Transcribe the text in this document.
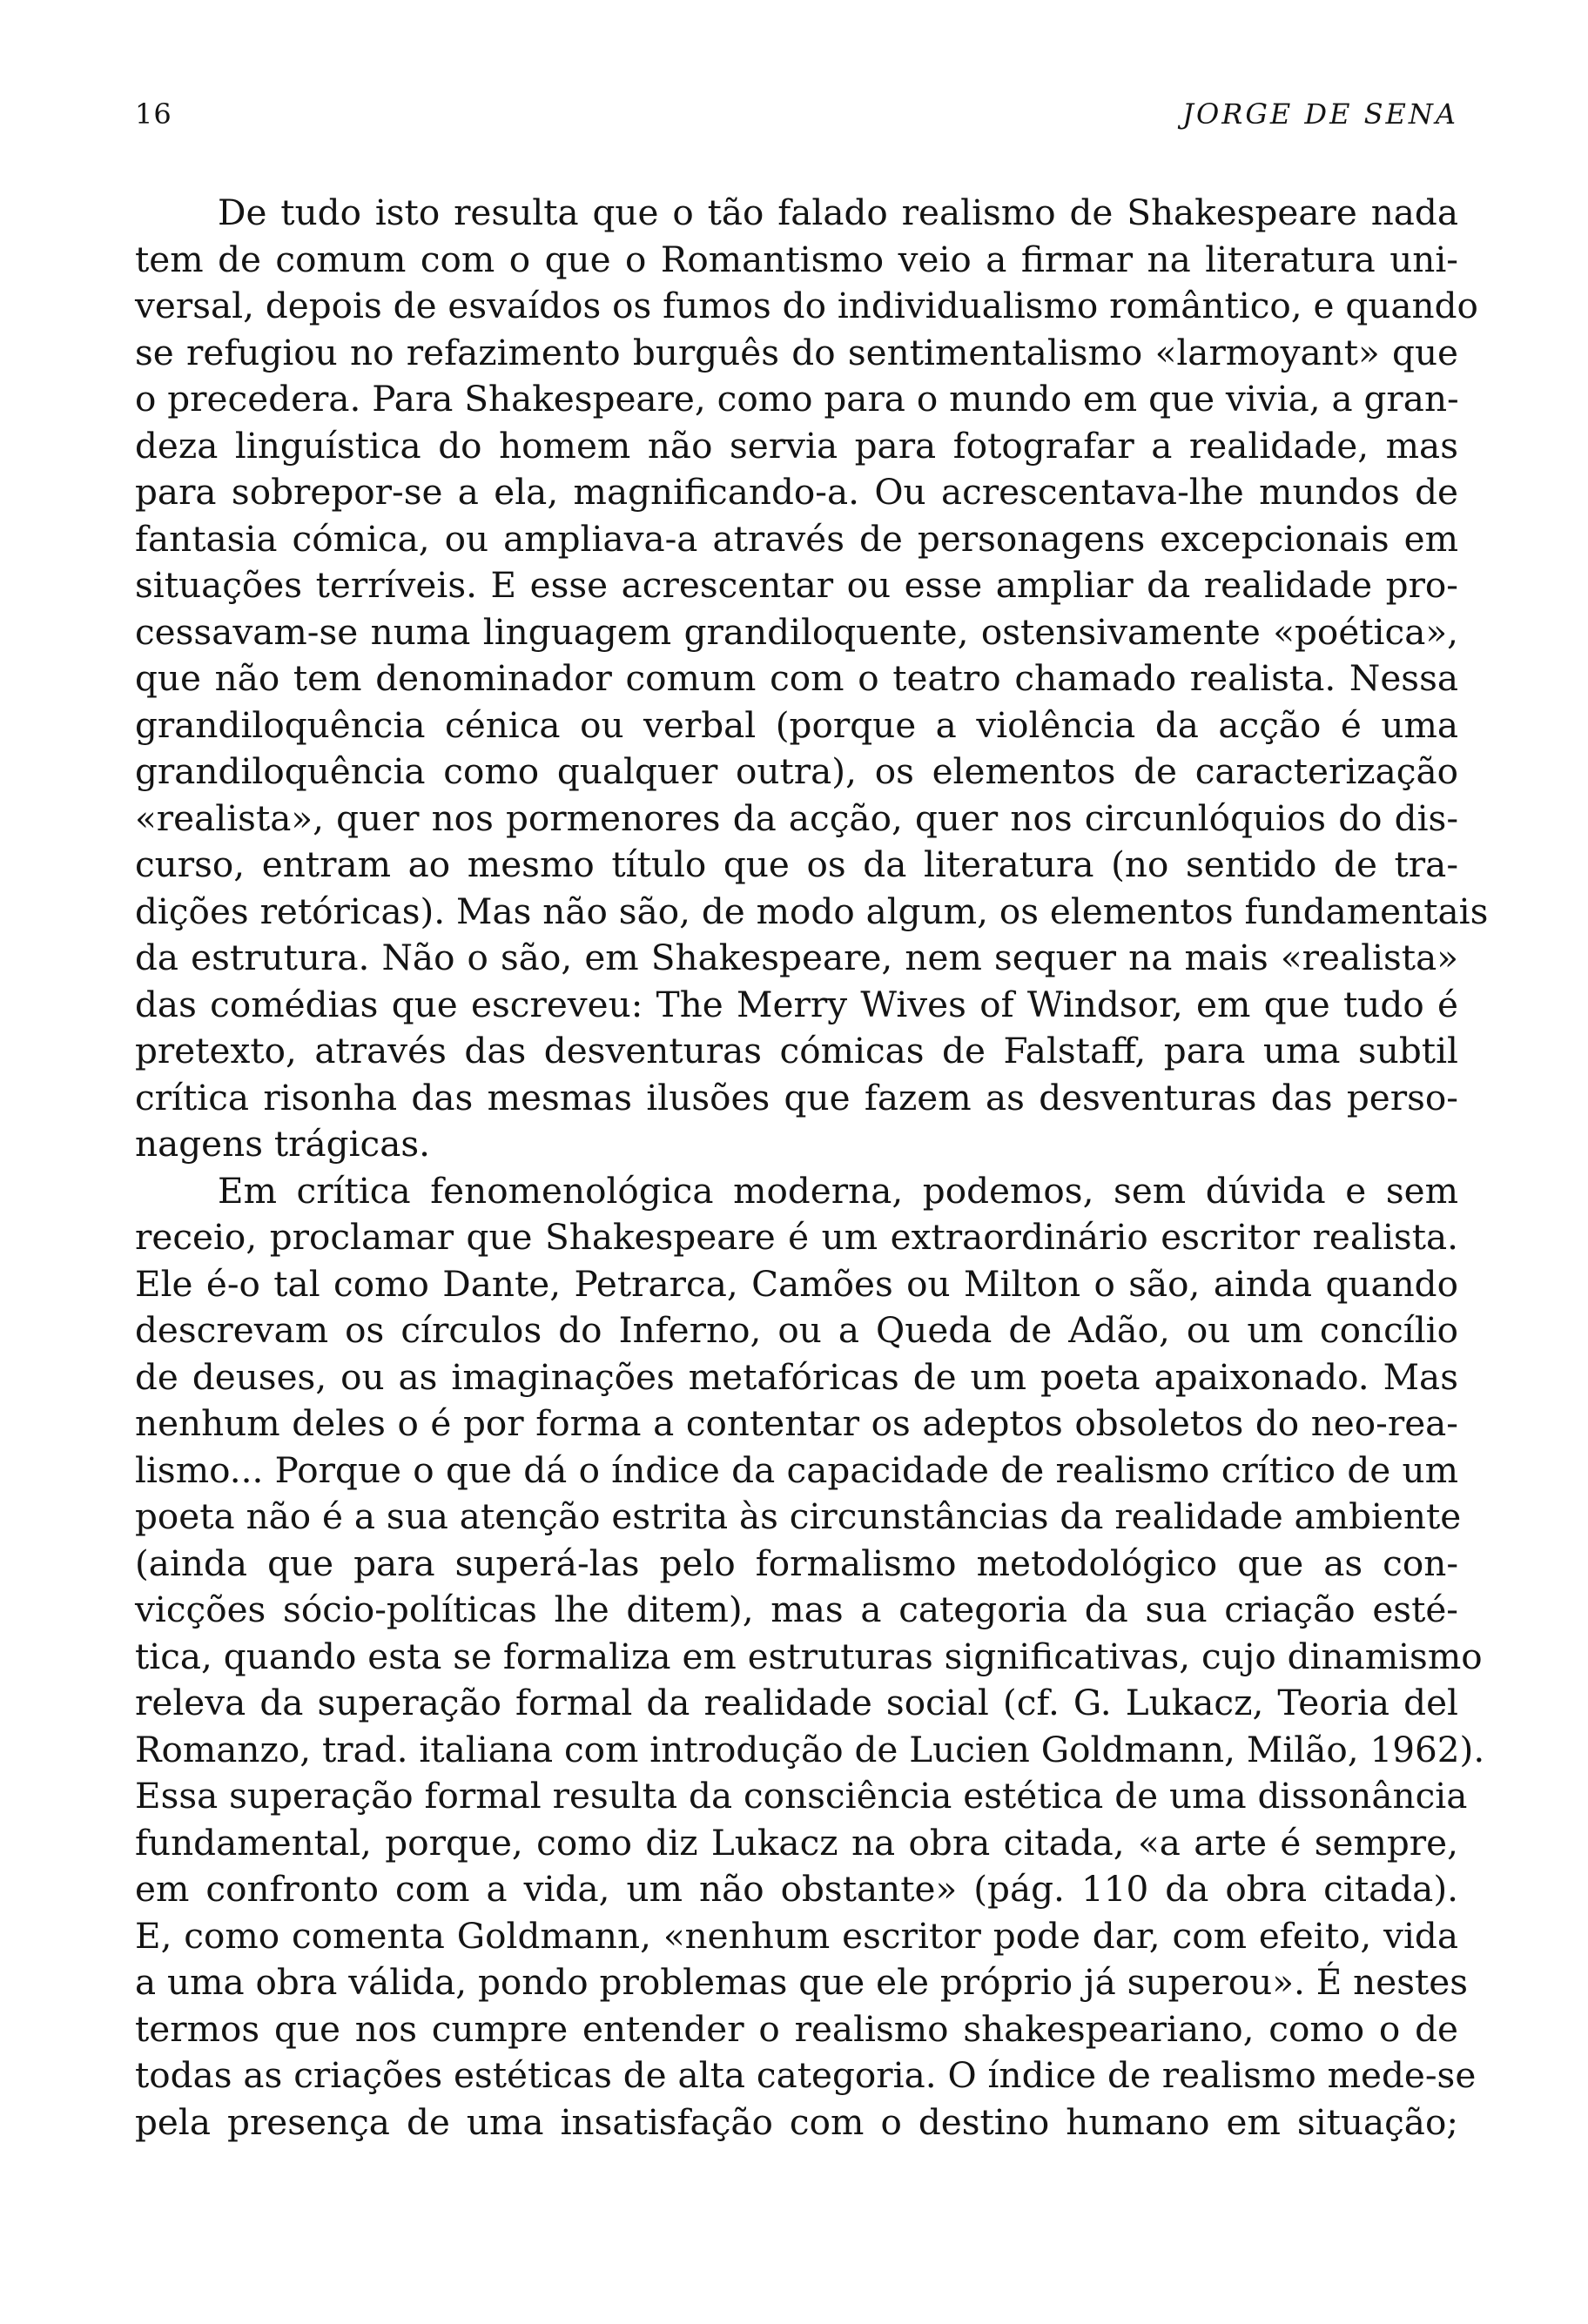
16	JORGE DE SENA
De tudo isto resulta que o tão falado realismo de Shakespeare nada
tem de comum com o que o Romantismo veio a firmar na literatura uni-
versal, depois de esvaídos os fumos do individualismo romântico, e quando
se refugiou no refazimento burguês do sentimentalismo «larmoyant» que
o precedera. Para Shakespeare, como para o mundo em que vivia, a gran-
deza linguística do homem não servia para fotografar a realidade, mas
para sobrepor-se a ela, magnificando-a. Ou acrescentava-lhe mundos de
fantasia cómica, ou ampliava-a através de personagens excepcionais em
situações terríveis. E esse acrescentar ou esse ampliar da realidade pro-
cessavam-se numa linguagem grandiloquente, ostensivamente «poética»,
que não tem denominador comum com o teatro chamado realista. Nessa
grandiloquência cénica ou verbal (porque a violência da acção é uma
grandiloquência como qualquer outra), os elementos de caracterização
«realista», quer nos pormenores da acção, quer nos circunlóquios do dis-
curso, entram ao mesmo título que os da literatura (no sentido de tra-
dições retóricas). Mas não são, de modo algum, os elementos fundamentais
da estrutura. Não o são, em Shakespeare, nem sequer na mais «realista»
das comédias que escreveu: The Merry Wives of Windsor, em que tudo é
pretexto, através das desventuras cómicas de Falstaff, para uma subtil
crítica risonha das mesmas ilusões que fazem as desventuras das perso-
nagens trágicas.
Em crítica fenomenológica moderna, podemos, sem dúvida e sem
receio, proclamar que Shakespeare é um extraordinário escritor realista.
Ele é-o tal como Dante, Petrarca, Camões ou Milton o são, ainda quando
descrevam os círculos do Inferno, ou a Queda de Adão, ou um concílio
de deuses, ou as imaginações metafóricas de um poeta apaixonado. Mas
nenhum deles o é por forma a contentar os adeptos obsoletos do neo-rea-
lismo... Porque o que dá o índice da capacidade de realismo crítico de um
poeta não é a sua atenção estrita às circunstâncias da realidade ambiente
(ainda que para superá-las pelo formalismo metodológico que as con-
vicções sócio-políticas lhe ditem), mas a categoria da sua criação esté-
tica, quando esta se formaliza em estruturas significativas, cujo dinamismo
releva da superação formal da realidade social (cf. G. Lukacz, Teoria del
Romanzo, trad. italiana com introdução de Lucien Goldmann, Milão, 1962).
Essa superação formal resulta da consciência estética de uma dissonância
fundamental, porque, como diz Lukacz na obra citada, «a arte é sempre,
em confronto com a vida, um não obstante» (pág. 110 da obra citada).
E, como comenta Goldmann, «nenhum escritor pode dar, com efeito, vida
a uma obra válida, pondo problemas que ele próprio já superou». É nestes
termos que nos cumpre entender o realismo shakespeariano, como o de
todas as criações estéticas de alta categoria. O índice de realismo mede-se
pela presença de uma insatisfação com o destino humano em situação;
